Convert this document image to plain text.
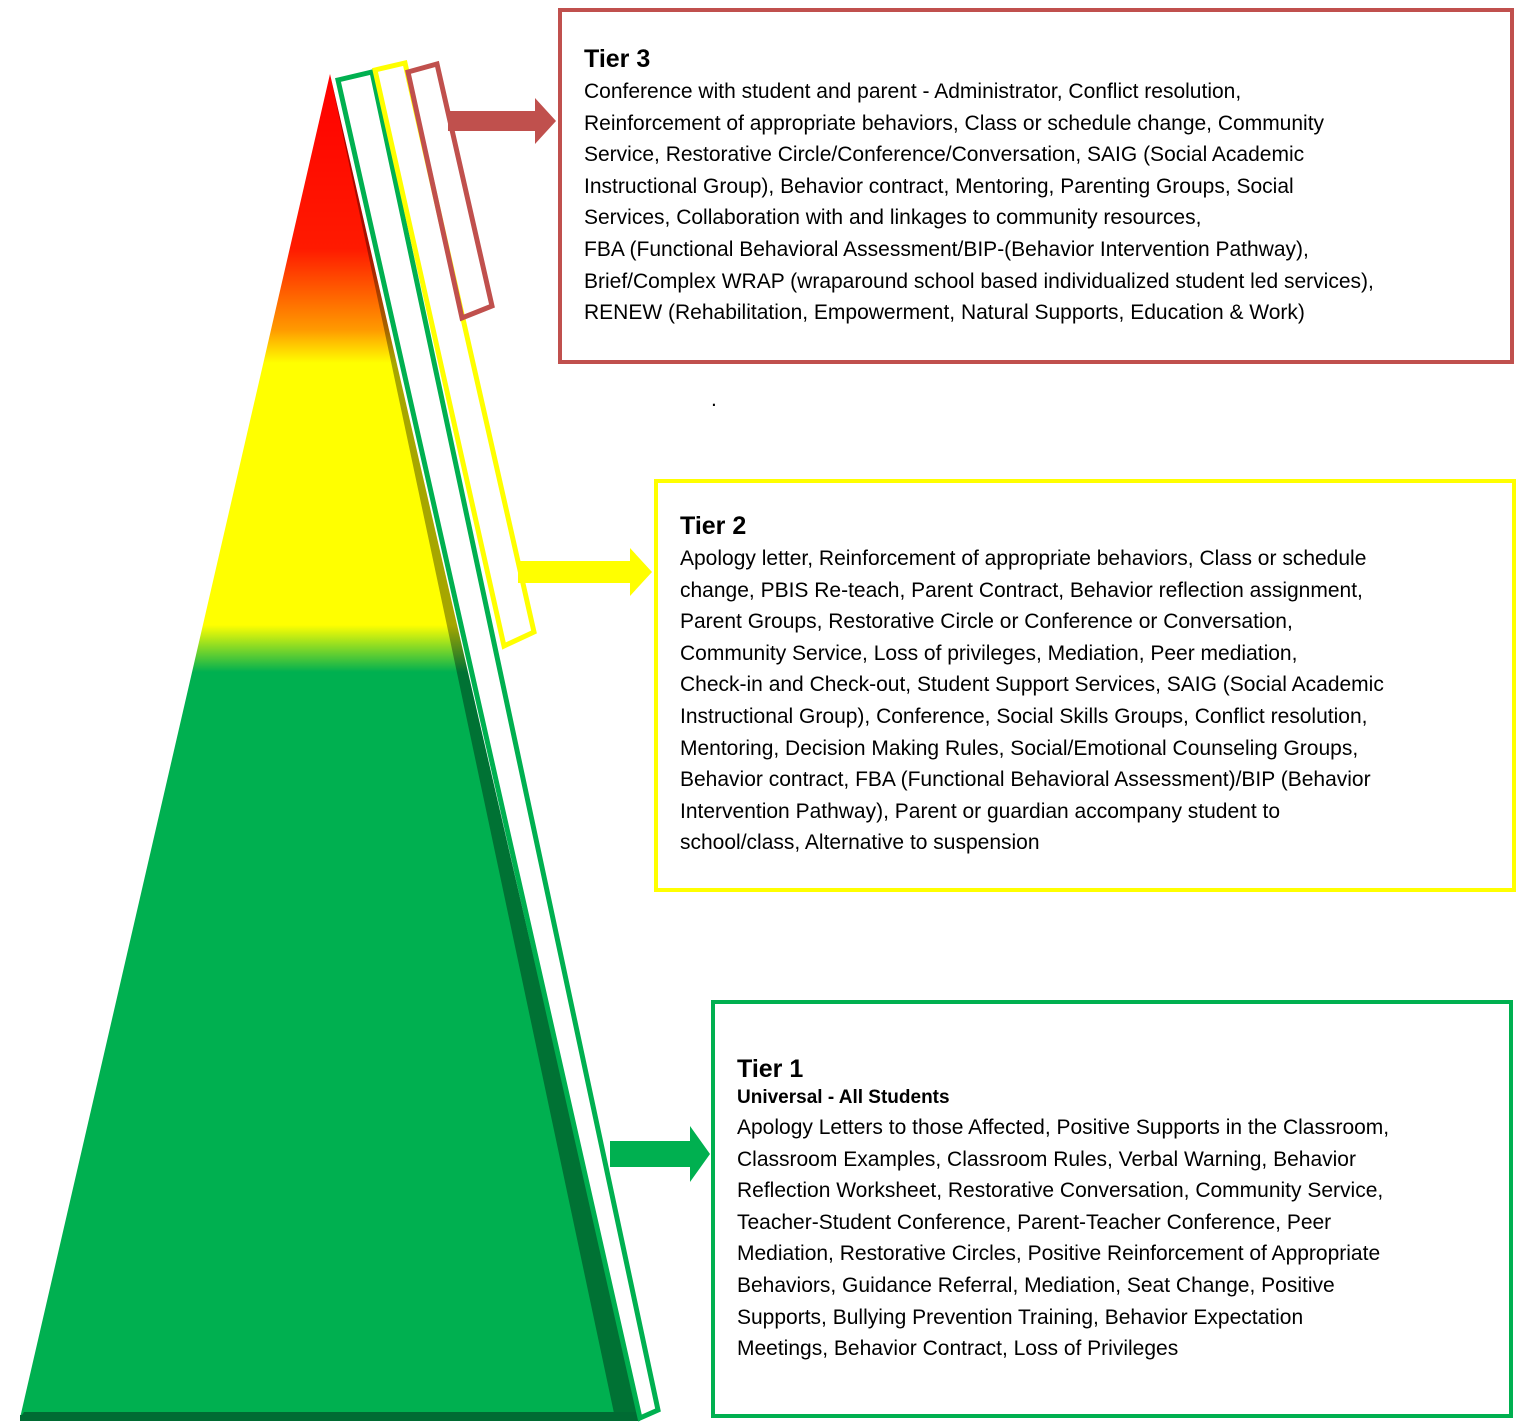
Tier 3
Conference with student and parent - Administrator, Conflict resolution,
Reinforcement of appropriate behaviors, Class or schedule change, Community
Service, Restorative Circle/Conference/Conversation, SAIG (Social Academic
Instructional Group), Behavior contract, Mentoring, Parenting Groups, Social
Services, Collaboration with and linkages to community resources,
FBA (Functional Behavioral Assessment/BIP-(Behavior Intervention Pathway),
Brief/Complex WRAP (wraparound school based individualized student led services),
RENEW (Rehabilitation, Empowerment, Natural Supports, Education & Work)
.
Tier 2
Apology letter, Reinforcement of appropriate behaviors, Class or schedule
change, PBIS Re-teach, Parent Contract, Behavior reflection assignment,
Parent Groups, Restorative Circle or Conference or Conversation,
Community Service, Loss of privileges, Mediation, Peer mediation,
Check-in and Check-out, Student Support Services, SAIG (Social Academic
Instructional Group), Conference, Social Skills Groups, Conflict resolution,
Mentoring, Decision Making Rules, Social/Emotional Counseling Groups,
Behavior contract, FBA (Functional Behavioral Assessment)/BIP (Behavior
Intervention Pathway), Parent or guardian accompany student to
school/class, Alternative to suspension
Tier 1
Universal - All Students
Apology Letters to those Affected, Positive Supports in the Classroom,
Classroom Examples, Classroom Rules, Verbal Warning, Behavior
Reflection Worksheet, Restorative Conversation, Community Service,
Teacher-Student Conference, Parent-Teacher Conference, Peer
Mediation, Restorative Circles, Positive Reinforcement of Appropriate
Behaviors, Guidance Referral, Mediation, Seat Change, Positive
Supports, Bullying Prevention Training, Behavior Expectation
Meetings, Behavior Contract, Loss of Privileges
